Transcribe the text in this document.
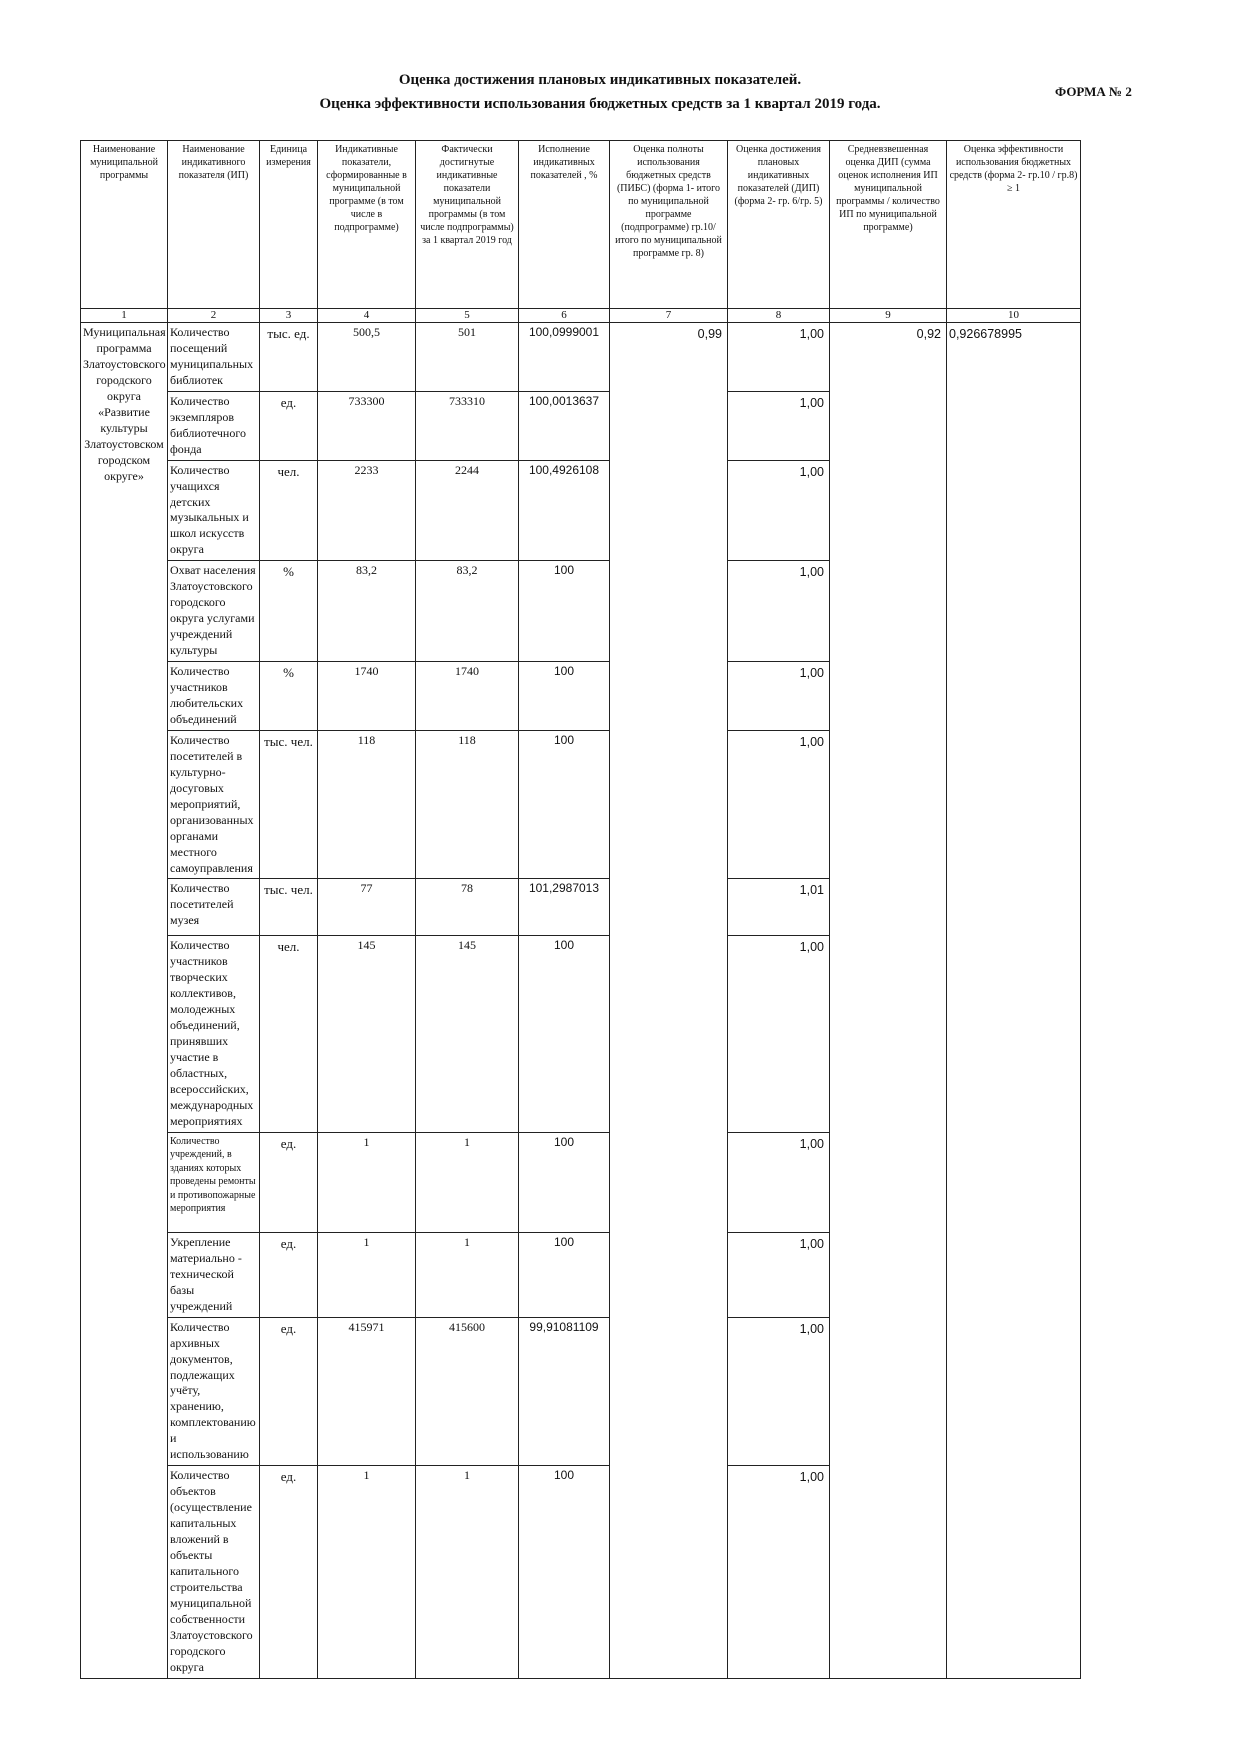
Оценка достижения плановых индикативных показателей.
Оценка эффективности использования бюджетных средств за 1 квартал 2019 года.
ФОРМА № 2
Наименование муниципальной программы	Наименование индикативного показателя (ИП)	Единица измерения	Индикативные показатели, сформированные в муниципальной программе (в том числе в подпрограмме)	Фактически достигнутые индикативные показатели муниципальной программы (в том числе подпрограммы) за 1 квартал 2019 год	Исполнение индикативных показателей , %	Оценка полноты использования бюджетных средств (ПИБС) (форма 1- итого по муниципальной программе (подпрограмме) гр.10/итого по муниципальной программе гр. 8)	Оценка достижения плановых индикативных показателей (ДИП) (форма 2- гр. 6/гр. 5)	Средневзвешенная оценка ДИП (сумма оценок исполнения ИП муниципальной программы / количество ИП по муниципальной программе)	Оценка эффективности использования бюджетных средств (форма 2- гр.10 / гр.8) ≥ 1
1	2	3	4	5	6	7	8	9	10
Муниципальная программа Златоустовского городского округа «Развитие культуры Златоустовском городском округе»	Количество посещений муниципальных библиотек	тыс. ед.	500,5	501	100,0999001	0,99	1,00	0,92	0,926678995
	Количество экземпляров библиотечного фонда	ед.	733300	733310	100,0013637		1,00		
	Количество учащихся детских музыкальных и школ искусств округа	чел.	2233	2244	100,4926108		1,00		
	Охват населения Златоустовского городского округа услугами учреждений культуры	%	83,2	83,2	100		1,00		
	Количество участников любительских объединений	%	1740	1740	100		1,00		
	Количество посетителей в культурно-досуговых мероприятий, организованных органами местного самоуправления	тыс. чел.	118	118	100		1,00		
	Количество посетителей музея	тыс. чел.	77	78	101,2987013		1,01		
	Количество участников творческих коллективов, молодежных объединений, принявших участие в областных, всероссийских, международных мероприятиях	чел.	145	145	100		1,00		
	Количество учреждений, в зданиях которых проведены ремонты и противопожарные мероприятия	ед.	1	1	100		1,00		
	Укрепление материально - технической базы учреждений	ед.	1	1	100		1,00		
	Количество архивных документов, подлежащих учёту, хранению, комплектованию и использованию	ед.	415971	415600	99,91081109		1,00		
	Количество объектов (осуществление капитальных вложений в объекты капитального строительства муниципальной собственности Златоустовского городского округа	ед.	1	1	100		1,00		
